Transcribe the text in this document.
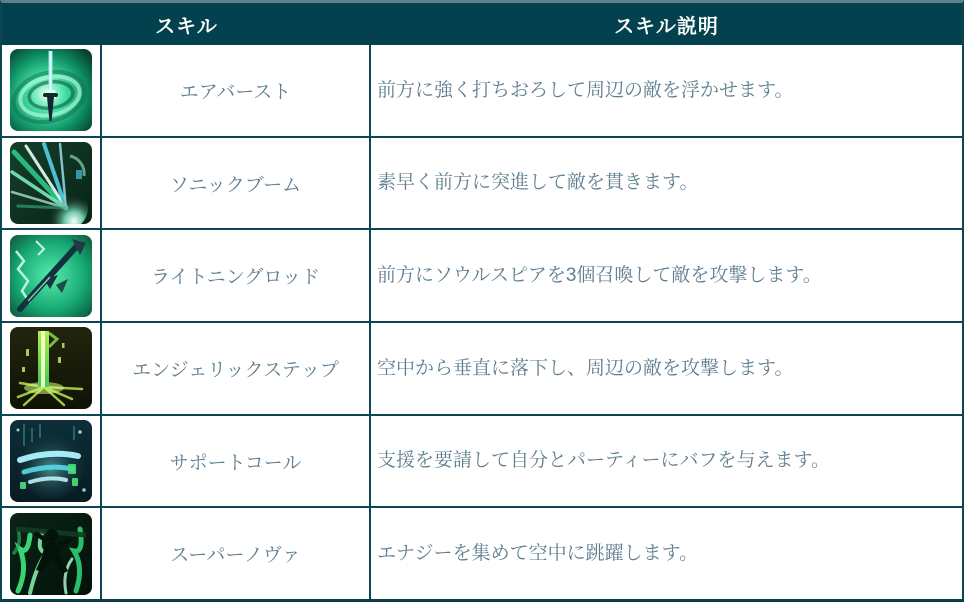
スキル	スキル説明
エアバースト	前方に強く打ちおろして周辺の敵を浮かせます。
ソニックブーム	素早く前方に突進して敵を貫きます。
ライトニングロッド	前方にソウルスピアを3個召喚して敵を攻撃します。
エンジェリックステップ	空中から垂直に落下し、周辺の敵を攻撃します。
サポートコール	支援を要請して自分とパーティーにバフを与えます。
スーパーノヴァ	エナジーを集めて空中に跳躍します。
